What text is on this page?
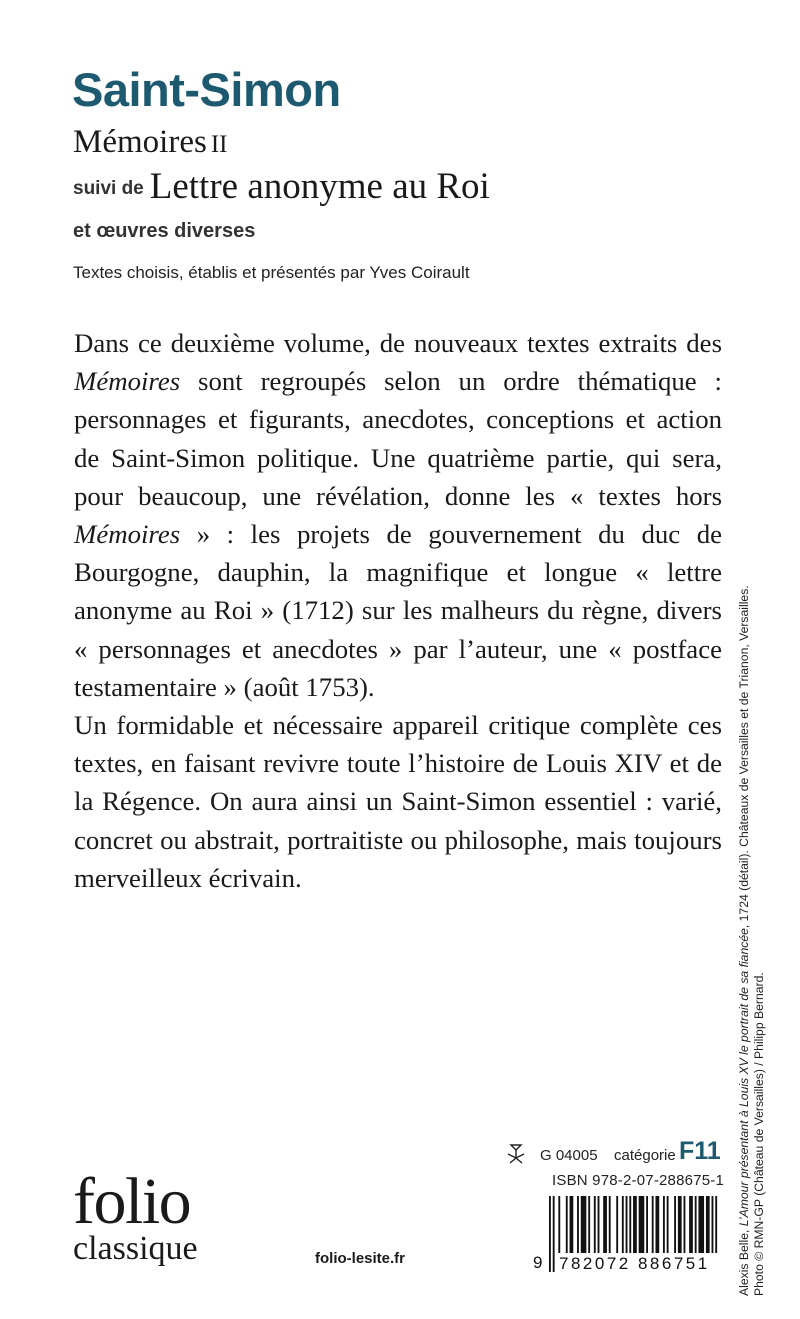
Saint-Simon
Mémoires II
suivi de Lettre anonyme au Roi
et œuvres diverses
Textes choisis, établis et présentés par Yves Coirault

Dans ce deuxième volume, de nouveaux textes extraits des Mémoires sont regroupés selon un ordre thématique : personnages et figurants, anecdotes, conceptions et action de Saint-Simon politique. Une quatrième partie, qui sera, pour beaucoup, une révélation, donne les « textes hors Mémoires » : les projets de gouvernement du duc de Bourgogne, dauphin, la magnifique et longue « lettre anonyme au Roi » (1712) sur les malheurs du règne, divers « personnages et anecdotes » par l’auteur, une « postface testamentaire » (août 1753).

Un formidable et nécessaire appareil critique complète ces textes, en faisant revivre toute l’histoire de Louis XIV et de la Régence. On aura ainsi un Saint-Simon essentiel : varié, concret ou abstrait, portraitiste ou philosophe, mais toujours merveilleux écrivain.

Alexis Belle, L’Amour présentant à Louis XV le portrait de sa fiancée, 1724 (détail). Châteaux de Versailles et de Trianon, Versailles.
Photo © RMN-GP (Château de Versailles) / Philipp Bernard.
folio
classique	folio-lesite.fr
G 04005 catégorie F11
ISBN 978-2-07-288675-1
9 782072 886751
